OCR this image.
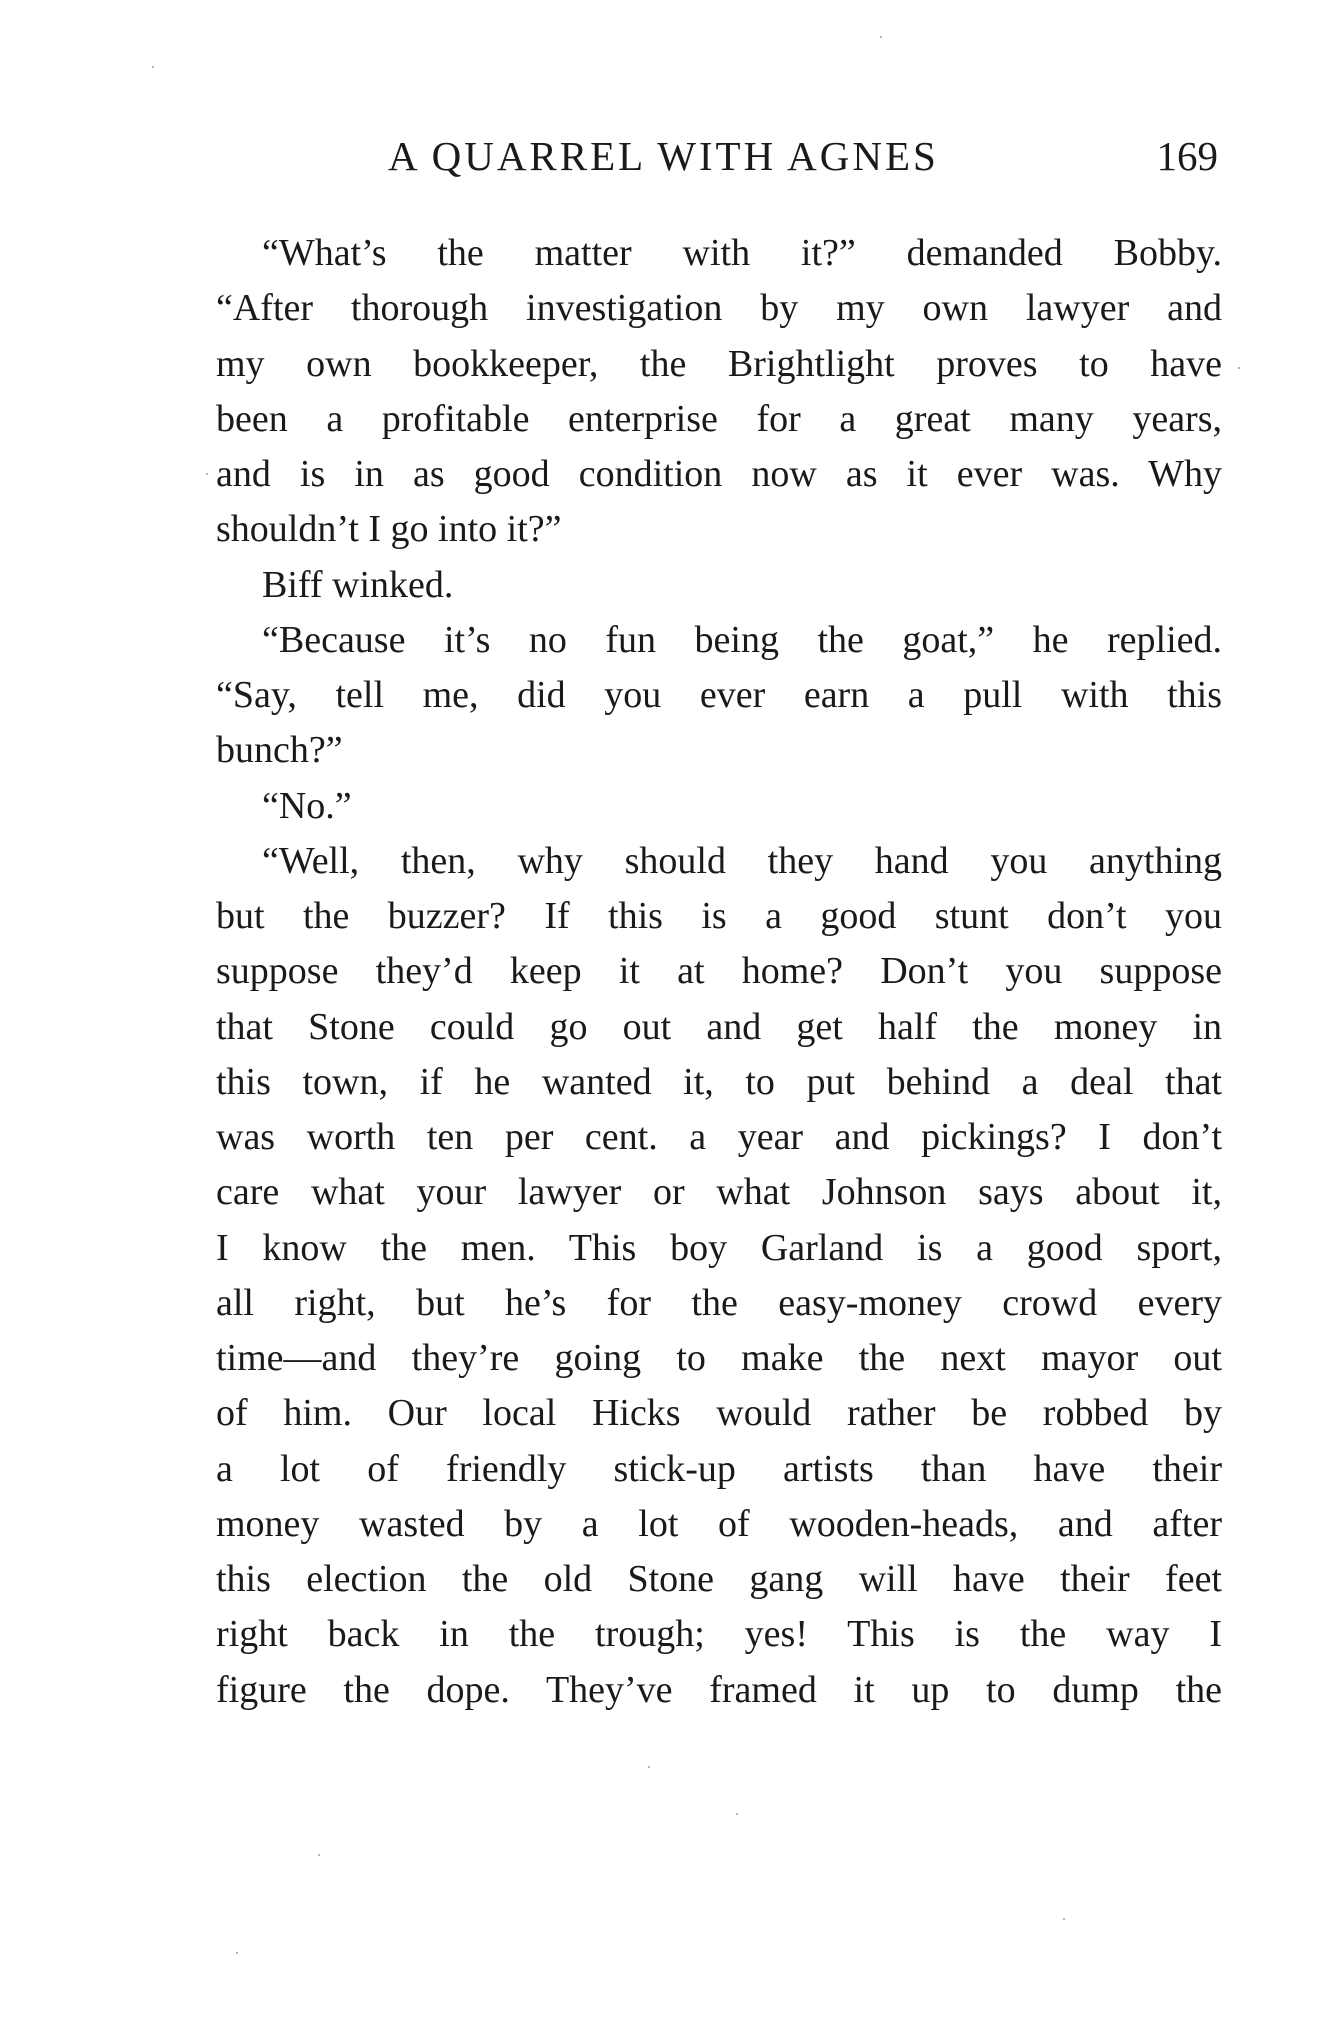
A QUARREL WITH AGNES	169
“What’s the matter with it?” demanded Bobby.
“After thorough investigation by my own lawyer and
my own bookkeeper, the Brightlight proves to have
been a profitable enterprise for a great many years,
and is in as good condition now as it ever was. Why
shouldn’t I go into it?”
Biff winked.
“Because it’s no fun being the goat,” he replied.
“Say, tell me, did you ever earn a pull with this
bunch?”
“No.”
“Well, then, why should they hand you anything
but the buzzer? If this is a good stunt don’t you
suppose they’d keep it at home? Don’t you suppose
that Stone could go out and get half the money in
this town, if he wanted it, to put behind a deal that
was worth ten per cent. a year and pickings? I don’t
care what your lawyer or what Johnson says about it,
I know the men. This boy Garland is a good sport,
all right, but he’s for the easy-money crowd every
time—and they’re going to make the next mayor out
of him. Our local Hicks would rather be robbed by
a lot of friendly stick-up artists than have their
money wasted by a lot of wooden-heads, and after
this election the old Stone gang will have their feet
right back in the trough; yes! This is the way I
figure the dope. They’ve framed it up to dump the
